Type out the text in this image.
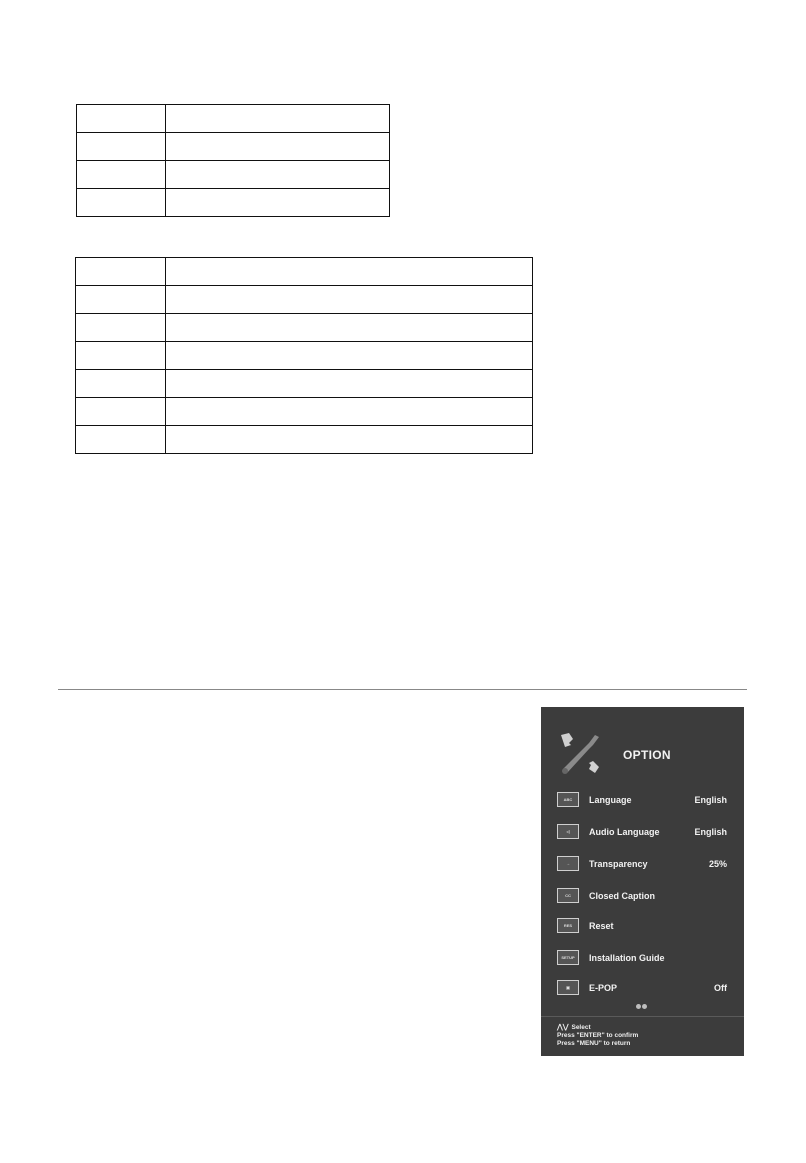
OPTION
ABC	Language	English
◁	Audio Language	English
→	Transparency	25%
CC	Closed Caption
RES	Reset
SETUP	Installation Guide
▣	E-POP	Off
⋀⋁ Select
Press "ENTER" to confirm
Press "MENU" to return
